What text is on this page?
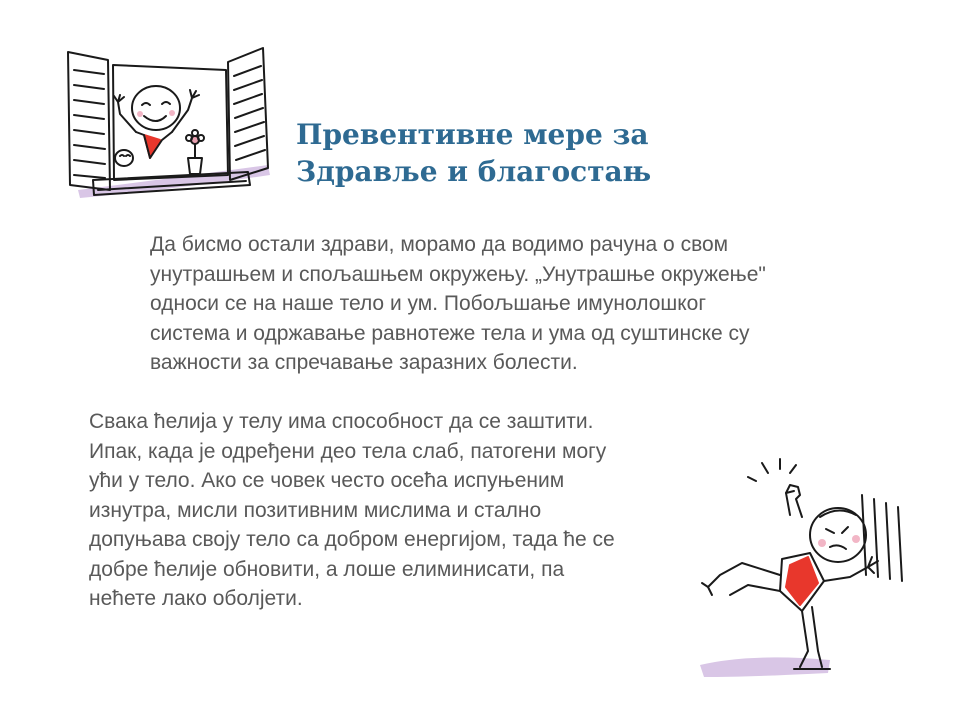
Превентивне мере за
Здравље и благостањ
Да бисмо остали здрави, морамо да водимо рачуна о свом
унутрашњем и спољашњем окружењу. „Унутрашње окружење"
односи се на наше тело и ум. Побољшање имунолошког
система и одржавање равнотеже тела и ума од суштинске су
важности за спречавање заразних болести.
Свака ћелија у телу има способност да се заштити.
Ипак, када је одређени део тела слаб, патогени могу
ући у тело. Ако се човек често осећа испуњеним
изнутра, мисли позитивним мислима и стално
допуњава своју тело са добром енергијом, тада ће се
добре ћелије обновити, а лоше елиминисати, па
нећете лако оболјети.
